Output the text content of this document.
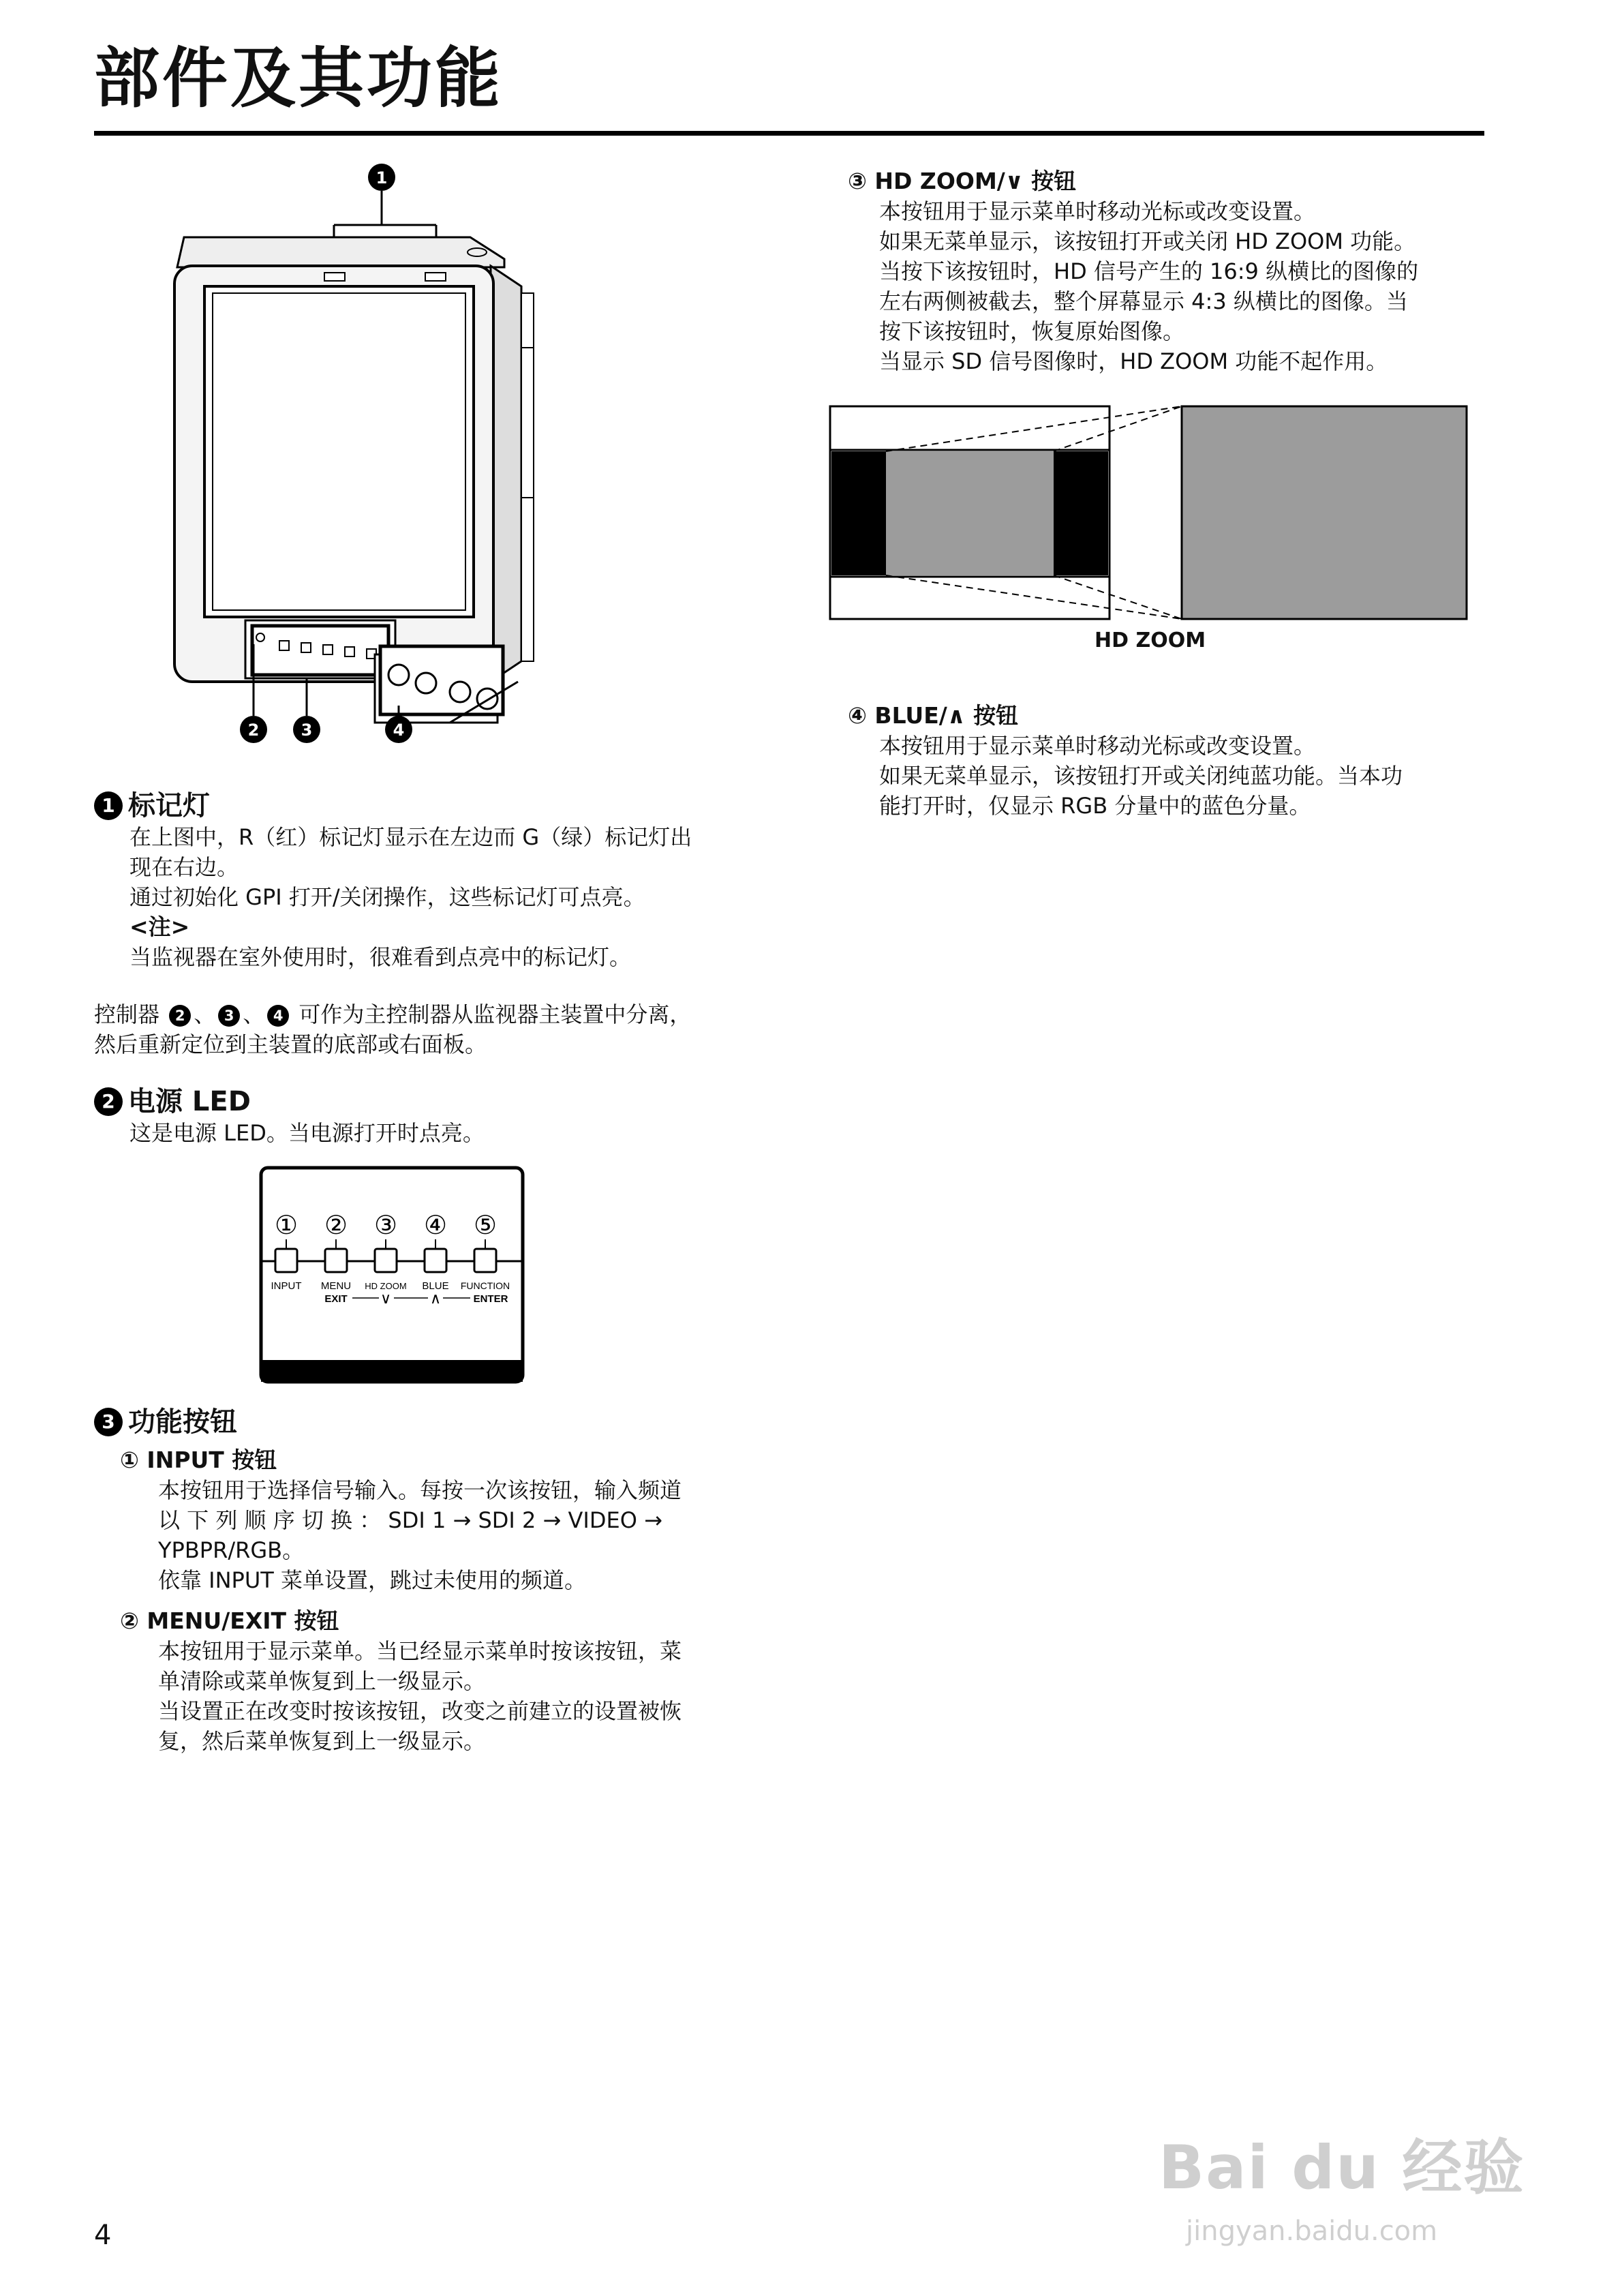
部件及其功能
1
2	3	4
1 标记灯
在上图中，R（红）标记灯显示在左边而 G（绿）标记灯出
现在右边。
通过初始化 GPI 打开/关闭操作，这些标记灯可点亮。
<注>
当监视器在室外使用时，很难看到点亮中的标记灯。
控制器 2 、 3 、 4 可作为主控制器从监视器主装置中分离，
然后重新定位到主装置的底部或右面板。
2 电源 LED
这是电源 LED。当电源打开时点亮。
① ② ③ ④ ⑤
INPUT MENU HD ZOOM BLUE FUNCTION
EXIT	ENTER
∨	∧
3 功能按钮
① INPUT 按钮
本按钮用于选择信号输入。每按一次该按钮，输入频道
以 下 列 顺 序 切 换 ： SDI 1 → SDI 2 → VIDEO →
YPBPR/RGB。
依靠 INPUT 菜单设置，跳过未使用的频道。
② MENU/EXIT 按钮
本按钮用于显示菜单。当已经显示菜单时按该按钮，菜
单清除或菜单恢复到上一级显示。
当设置正在改变时按该按钮，改变之前建立的设置被恢
复，然后菜单恢复到上一级显示。
③ HD ZOOM/∨ 按钮
本按钮用于显示菜单时移动光标或改变设置。
如果无菜单显示，该按钮打开或关闭 HD ZOOM 功能。
当按下该按钮时，HD 信号产生的 16:9 纵横比的图像的
左右两侧被截去，整个屏幕显示 4:3 纵横比的图像。当
按下该按钮时，恢复原始图像。
当显示 SD 信号图像时，HD ZOOM 功能不起作用。
HD ZOOM
④ BLUE/∧ 按钮
本按钮用于显示菜单时移动光标或改变设置。
如果无菜单显示，该按钮打开或关闭纯蓝功能。当本功
能打开时，仅显示 RGB 分量中的蓝色分量。
Bai du 经验
jingyan.baidu.com
4
